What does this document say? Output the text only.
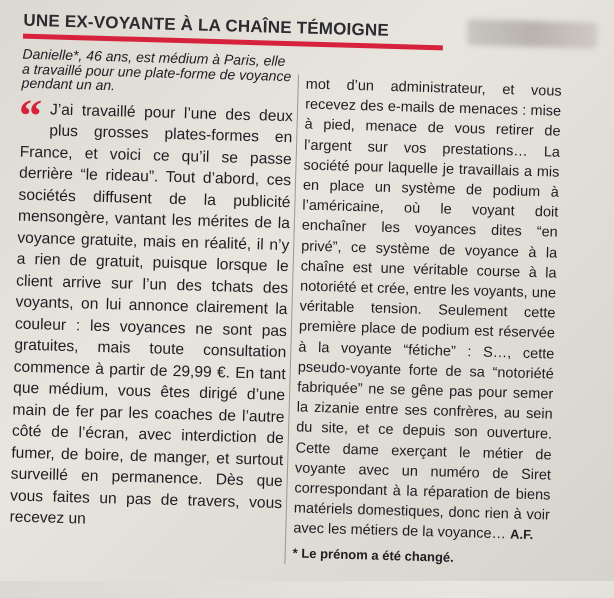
UNE EX-VOYANTE À LA CHAÎNE TÉMOIGNE

Danielle*, 46 ans, est médium à Paris, elle a travaillé pour une plate-forme de voyance pendant un an.

“ J’ai travaillé pour l’une des deux plus grosses plates-formes en France, et voici ce qu’il se passe derrière “le rideau”. Tout d’abord, ces sociétés diffusent de la publicité mensongère, vantant les mérites de la voyance gratuite, mais en réalité, il n’y a rien de gratuit, puisque lorsque le client arrive sur l’un des tchats des voyants, on lui annonce clairement la couleur : les voyances ne sont pas gratuites, mais toute consultation commence à partir de 29,99 €. En tant que médium, vous êtes dirigé d’une main de fer par les coaches de l’autre côté de l’écran, avec interdiction de fumer, de boire, de manger, et surtout surveillé en permanence. Dès que vous faites un pas de travers, vous recevez un

mot d’un administrateur, et vous recevez des e-mails de menaces : mise à pied, menace de vous retirer de l’argent sur vos prestations… La société pour laquelle je travaillais a mis en place un système de podium à l’américaine, où le voyant doit enchaîner les voyances dites “en privé”, ce système de voyance à la chaîne est une véritable course à la notoriété et crée, entre les voyants, une véritable tension. Seulement cette première place de podium est réservée à la voyante “fétiche” : S…, cette pseudo-voyante forte de sa “notoriété fabriquée” ne se gêne pas pour semer la zizanie entre ses confrères, au sein du site, et ce depuis son ouverture. Cette dame exerçant le métier de voyante avec un numéro de Siret correspondant à la réparation de biens matériels domestiques, donc rien à voir avec les métiers de la voyance… A.F.

* Le prénom a été changé.
